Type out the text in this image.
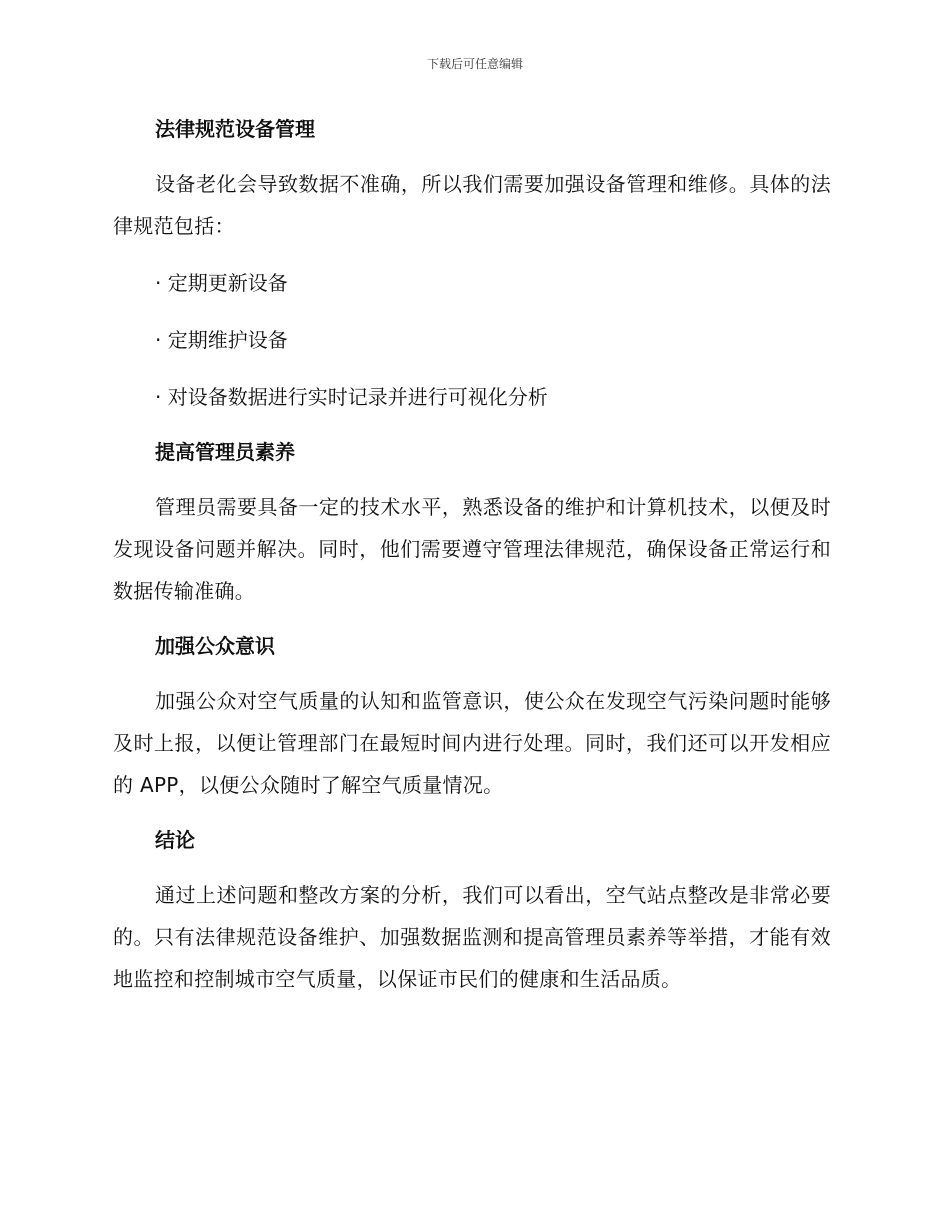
下载后可任意编辑
法律规范设备管理
设备老化会导致数据不准确，所以我们需要加强设备管理和维修。具体的法律规范包括：
· 定期更新设备
· 定期维护设备
· 对设备数据进行实时记录并进行可视化分析
提高管理员素养
管理员需要具备一定的技术水平，熟悉设备的维护和计算机技术，以便及时发现设备问题并解决。同时，他们需要遵守管理法律规范，确保设备正常运行和数据传输准确。
加强公众意识
加强公众对空气质量的认知和监管意识，使公众在发现空气污染问题时能够及时上报，以便让管理部门在最短时间内进行处理。同时，我们还可以开发相应的 APP，以便公众随时了解空气质量情况。
结论
通过上述问题和整改方案的分析，我们可以看出，空气站点整改是非常必要的。只有法律规范设备维护、加强数据监测和提高管理员素养等举措，才能有效地监控和控制城市空气质量，以保证市民们的健康和生活品质。
